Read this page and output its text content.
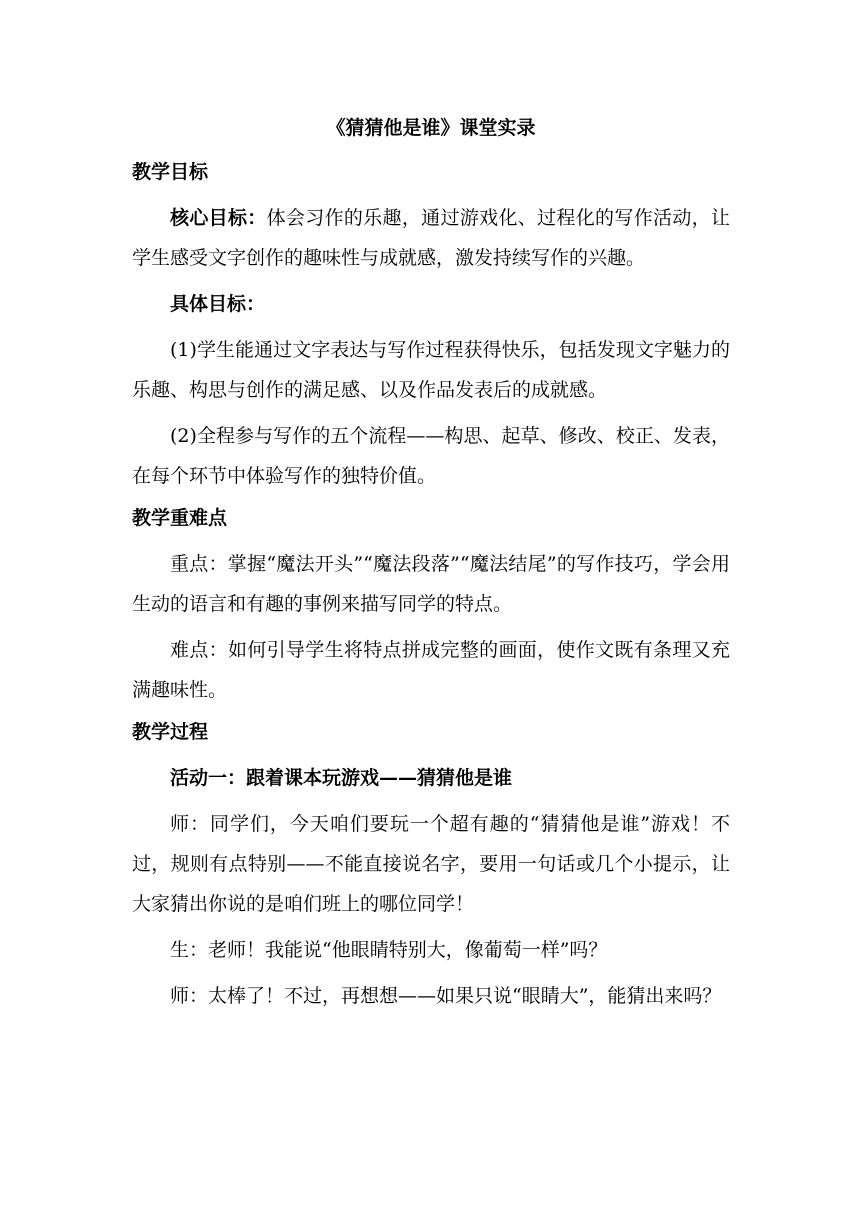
《猜猜他是谁》课堂实录
教学目标

核心目标：体会习作的乐趣，通过游戏化、过程化的写作活动，让学生感受文字创作的趣味性与成就感，激发持续写作的兴趣。

具体目标：

(1)学生能通过文字表达与写作过程获得快乐，包括发现文字魅力的乐趣、构思与创作的满足感、以及作品发表后的成就感。

(2)全程参与写作的五个流程——构思、起草、修改、校正、发表，在每个环节中体验写作的独特价值。

教学重难点

重点：掌握“魔法开头”“魔法段落”“魔法结尾”的写作技巧，学会用生动的语言和有趣的事例来描写同学的特点。

难点：如何引导学生将特点拼成完整的画面，使作文既有条理又充满趣味性。

教学过程

活动一：跟着课本玩游戏——猜猜他是谁

师：同学们，今天咱们要玩一个超有趣的“猜猜他是谁”游戏！不过，规则有点特别——不能直接说名字，要用一句话或几个小提示，让大家猜出你说的是咱们班上的哪位同学！

生：老师！我能说“他眼睛特别大，像葡萄一样”吗？

师：太棒了！不过，再想想——如果只说“眼睛大”，能猜出来吗？
